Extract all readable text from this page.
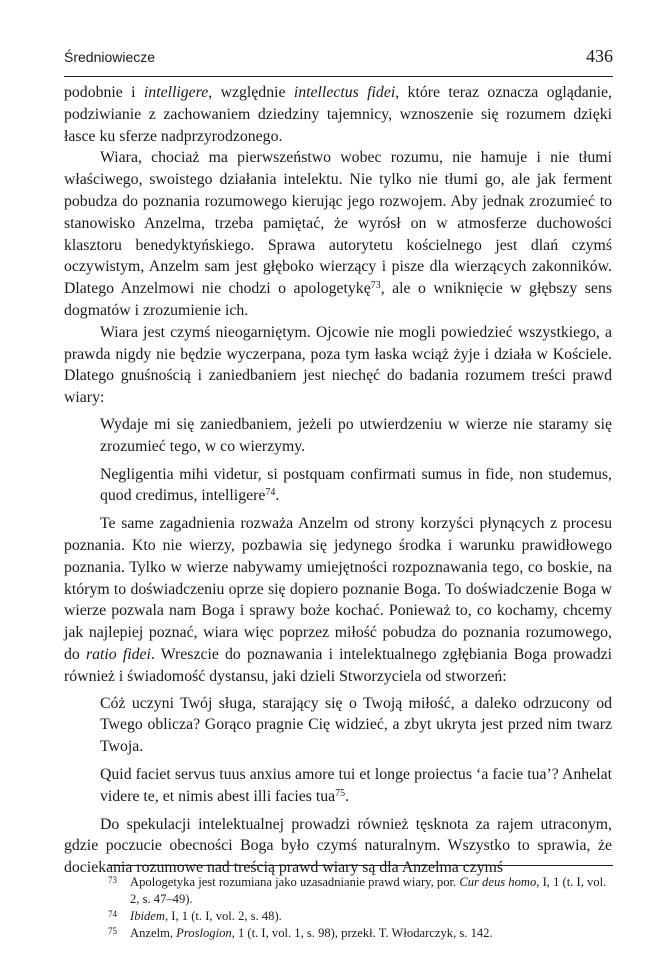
Średniowiecze	436

podobnie i intelligere, względnie intellectus fidei, które teraz oznacza oglądanie, podziwianie z zachowaniem dziedziny tajemnicy, wznoszenie się rozumem dzięki łasce ku sferze nadprzyrodzonego.

Wiara, chociaż ma pierwszeństwo wobec rozumu, nie hamuje i nie tłumi właściwego, swoistego działania intelektu. Nie tylko nie tłumi go, ale jak ferment pobudza do poznania rozumowego kierując jego rozwojem. Aby jednak zrozumieć to stanowisko Anzelma, trzeba pamiętać, że wyrósł on w atmosferze duchowości klasztoru benedyktyńskiego. Sprawa autorytetu kościelnego jest dlań czymś oczywistym, Anzelm sam jest głęboko wierzący i pisze dla wierzących zakonników. Dlatego Anzelmowi nie chodzi o apologetykę$^{73}$, ale o wniknięcie w głębszy sens dogmatów i zrozumienie ich.

Wiara jest czymś nieogarniętym. Ojcowie nie mogli powiedzieć wszystkiego, a prawda nigdy nie będzie wyczerpana, poza tym łaska wciąż żyje i działa w Kościele. Dlatego gnuśnością i zaniedbaniem jest niechęć do badania rozumem treści prawd wiary:

Wydaje mi się zaniedbaniem, jeżeli po utwierdzeniu w wierze nie staramy się zrozumieć tego, w co wierzymy.

Negligentia mihi videtur, si postquam confirmati sumus in fide, non studemus, quod credimus, intelligere$^{74}$.

Te same zagadnienia rozważa Anzelm od strony korzyści płynących z procesu poznania. Kto nie wierzy, pozbawia się jedynego środka i warunku prawidłowego poznania. Tylko w wierze nabywamy umiejętności rozpoznawania tego, co boskie, na którym to doświadczeniu oprze się dopiero poznanie Boga. To doświadczenie Boga w wierze pozwala nam Boga i sprawy boże kochać. Ponieważ to, co kochamy, chcemy jak najlepiej poznać, wiara więc poprzez miłość pobudza do poznania rozumowego, do ratio fidei. Wreszcie do poznawania i intelektualnego zgłębiania Boga prowadzi również i świadomość dystansu, jaki dzieli Stworzyciela od stworzeń:

Cóż uczyni Twój sługa, starający się o Twoją miłość, a daleko odrzucony od Twego oblicza? Gorąco pragnie Cię widzieć, a zbyt ukryta jest przed nim twarz Twoja.

Quid faciet servus tuus anxius amore tui et longe proiectus ‘a facie tua’? Anhelat videre te, et nimis abest illi facies tua$^{75}$.

Do spekulacji intelektualnej prowadzi również tęsknota za rajem utraconym, gdzie poczucie obecności Boga było czymś naturalnym. Wszystko to sprawia, że dociekania rozumowe nad treścią prawd wiary są dla Anzelma czymś

73 Apologetyka jest rozumiana jako uzasadnianie prawd wiary, por. Cur deus homo, I, 1 (t. I, vol. 2, s. 47–49).
74 Ibidem, I, 1 (t. I, vol. 2, s. 48).
75 Anzelm, Proslogion, 1 (t. I, vol. 1, s. 98), przekł. T. Włodarczyk, s. 142.
